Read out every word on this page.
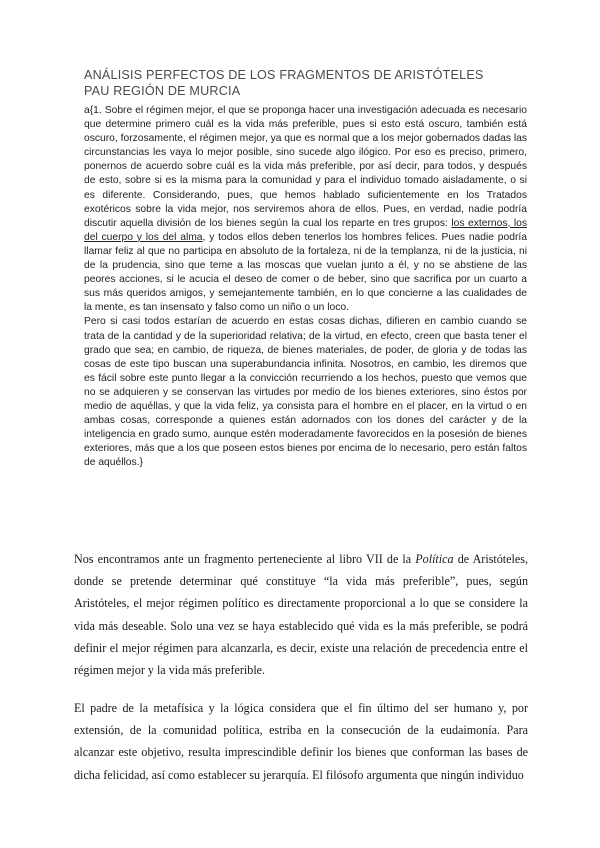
ANÁLISIS PERFECTOS DE LOS FRAGMENTOS DE ARISTÓTELES
PAU REGIÓN DE MURCIA

a{1. Sobre el régimen mejor, el que se proponga hacer una investigación adecuada es necesario que determine primero cuál es la vida más preferible, pues si esto está oscuro, también está oscuro, forzosamente, el régimen mejor, ya que es normal que a los mejor gobernados dadas las circunstancias les vaya lo mejor posible, sino sucede algo ilógico. Por eso es preciso, primero, ponernos de acuerdo sobre cuál es la vida más preferible, por así decir, para todos, y después de esto, sobre si es la misma para la comunidad y para el individuo tomado aisladamente, o si es diferente. Considerando, pues, que hemos hablado suficientemente en los Tratados exotéricos sobre la vida mejor, nos serviremos ahora de ellos. Pues, en verdad, nadie podría discutir aquella división de los bienes según la cual los reparte en tres grupos: los externos, los del cuerpo y los del alma, y todos ellos deben tenerlos los hombres felices. Pues nadie podría llamar feliz al que no participa en absoluto de la fortaleza, ni de la templanza, ni de la justicia, ni de la prudencia, sino que teme a las moscas que vuelan junto a él, y no se abstiene de las peores acciones, si le acucia el deseo de comer o de beber, sino que sacrifica por un cuarto a sus más queridos amigos, y semejantemente también, en lo que concierne a las cualidades de la mente, es tan insensato y falso como un niño o un loco.

Pero si casi todos estarían de acuerdo en estas cosas dichas, difieren en cambio cuando se trata de la cantidad y de la superioridad relativa; de la virtud, en efecto, creen que basta tener el grado que sea; en cambio, de riqueza, de bienes materiales, de poder, de gloria y de todas las cosas de este tipo buscan una superabundancia infinita. Nosotros, en cambio, les diremos que es fácil sobre este punto llegar a la convicción recurriendo a los hechos, puesto que vemos que no se adquieren y se conservan las virtudes por medio de los bienes exteriores, sino éstos por medio de aquéllas, y que la vida feliz, ya consista para el hombre en el placer, en la virtud o en ambas cosas, corresponde a quienes están adornados con los dones del carácter y de la inteligencia en grado sumo, aunque estén moderadamente favorecidos en la posesión de bienes exteriores, más que a los que poseen estos bienes por encima de lo necesario, pero están faltos de aquéllos.}

Nos encontramos ante un fragmento perteneciente al libro VII de la Política de Aristóteles, donde se pretende determinar qué constituye “la vida más preferible”, pues, según Aristóteles, el mejor régimen político es directamente proporcional a lo que se considere la vida más deseable. Solo una vez se haya establecido qué vida es la más preferible, se podrá definir el mejor régimen para alcanzarla, es decir, existe una relación de precedencia entre el régimen mejor y la vida más preferible.

El padre de la metafísica y la lógica considera que el fin último del ser humano y, por extensión, de la comunidad política, estriba en la consecución de la eudaimonía. Para alcanzar este objetivo, resulta imprescindible definir los bienes que conforman las bases de dicha felicidad, así como establecer su jerarquía. El filósofo argumenta que ningún individuo
